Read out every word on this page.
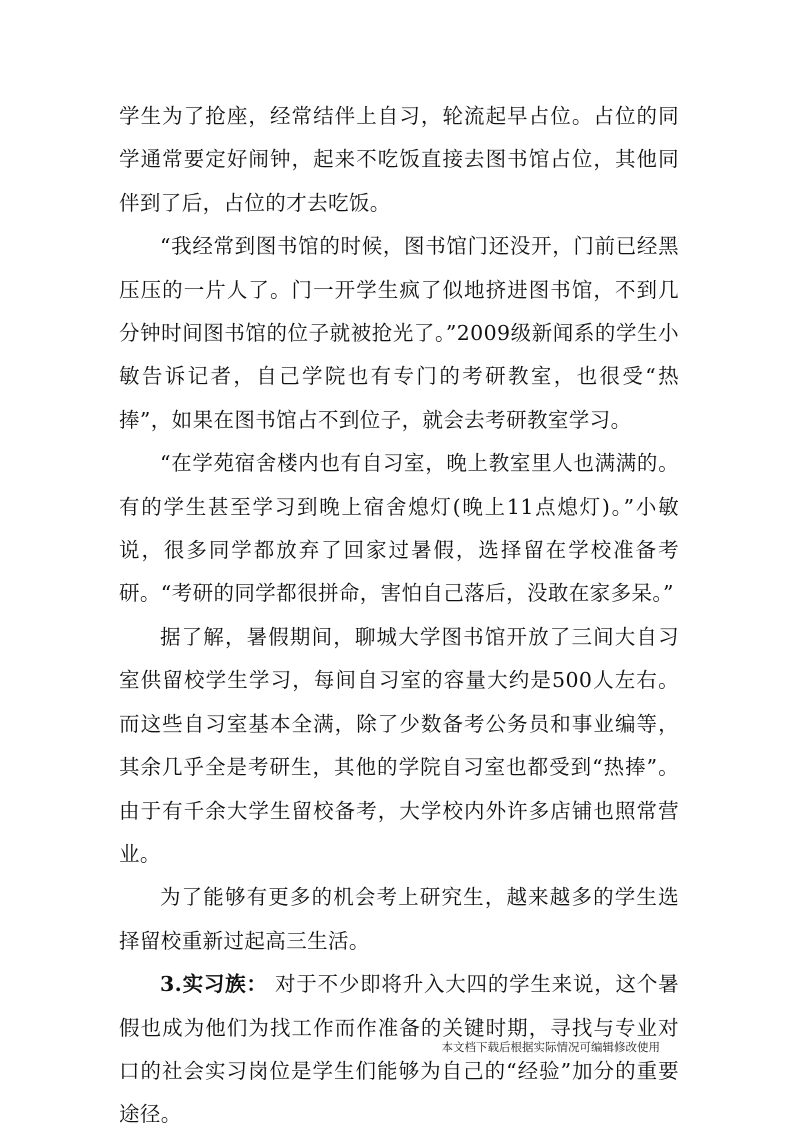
学生为了抢座，经常结伴上自习，轮流起早占位。占位的同学通常要定好闹钟，起来不吃饭直接去图书馆占位，其他同伴到了后，占位的才去吃饭。

“我经常到图书馆的时候，图书馆门还没开，门前已经黑压压的一片人了。门一开学生疯了似地挤进图书馆，不到几分钟时间图书馆的位子就被抢光了。”2009级新闻系的学生小敏告诉记者，自己学院也有专门的考研教室，也很受“热捧”，如果在图书馆占不到位子，就会去考研教室学习。

“在学苑宿舍楼内也有自习室，晚上教室里人也满满的。有的学生甚至学习到晚上宿舍熄灯(晚上11点熄灯)。”小敏说，很多同学都放弃了回家过暑假，选择留在学校准备考研。“考研的同学都很拼命，害怕自己落后，没敢在家多呆。”

据了解，暑假期间，聊城大学图书馆开放了三间大自习室供留校学生学习，每间自习室的容量大约是500人左右。而这些自习室基本全满，除了少数备考公务员和事业编等，其余几乎全是考研生，其他的学院自习室也都受到“热捧”。由于有千余大学生留校备考，大学校内外许多店铺也照常营业。

为了能够有更多的机会考上研究生，越来越多的学生选择留校重新过起高三生活。

3.实习族： 对于不少即将升入大四的学生来说，这个暑假也成为他们为找工作而作准备的关键时期，寻找与专业对口的社会实习岗位是学生们能够为自己的“经验”加分的重要途径。

本文档下载后根据实际情况可编辑修改使用
